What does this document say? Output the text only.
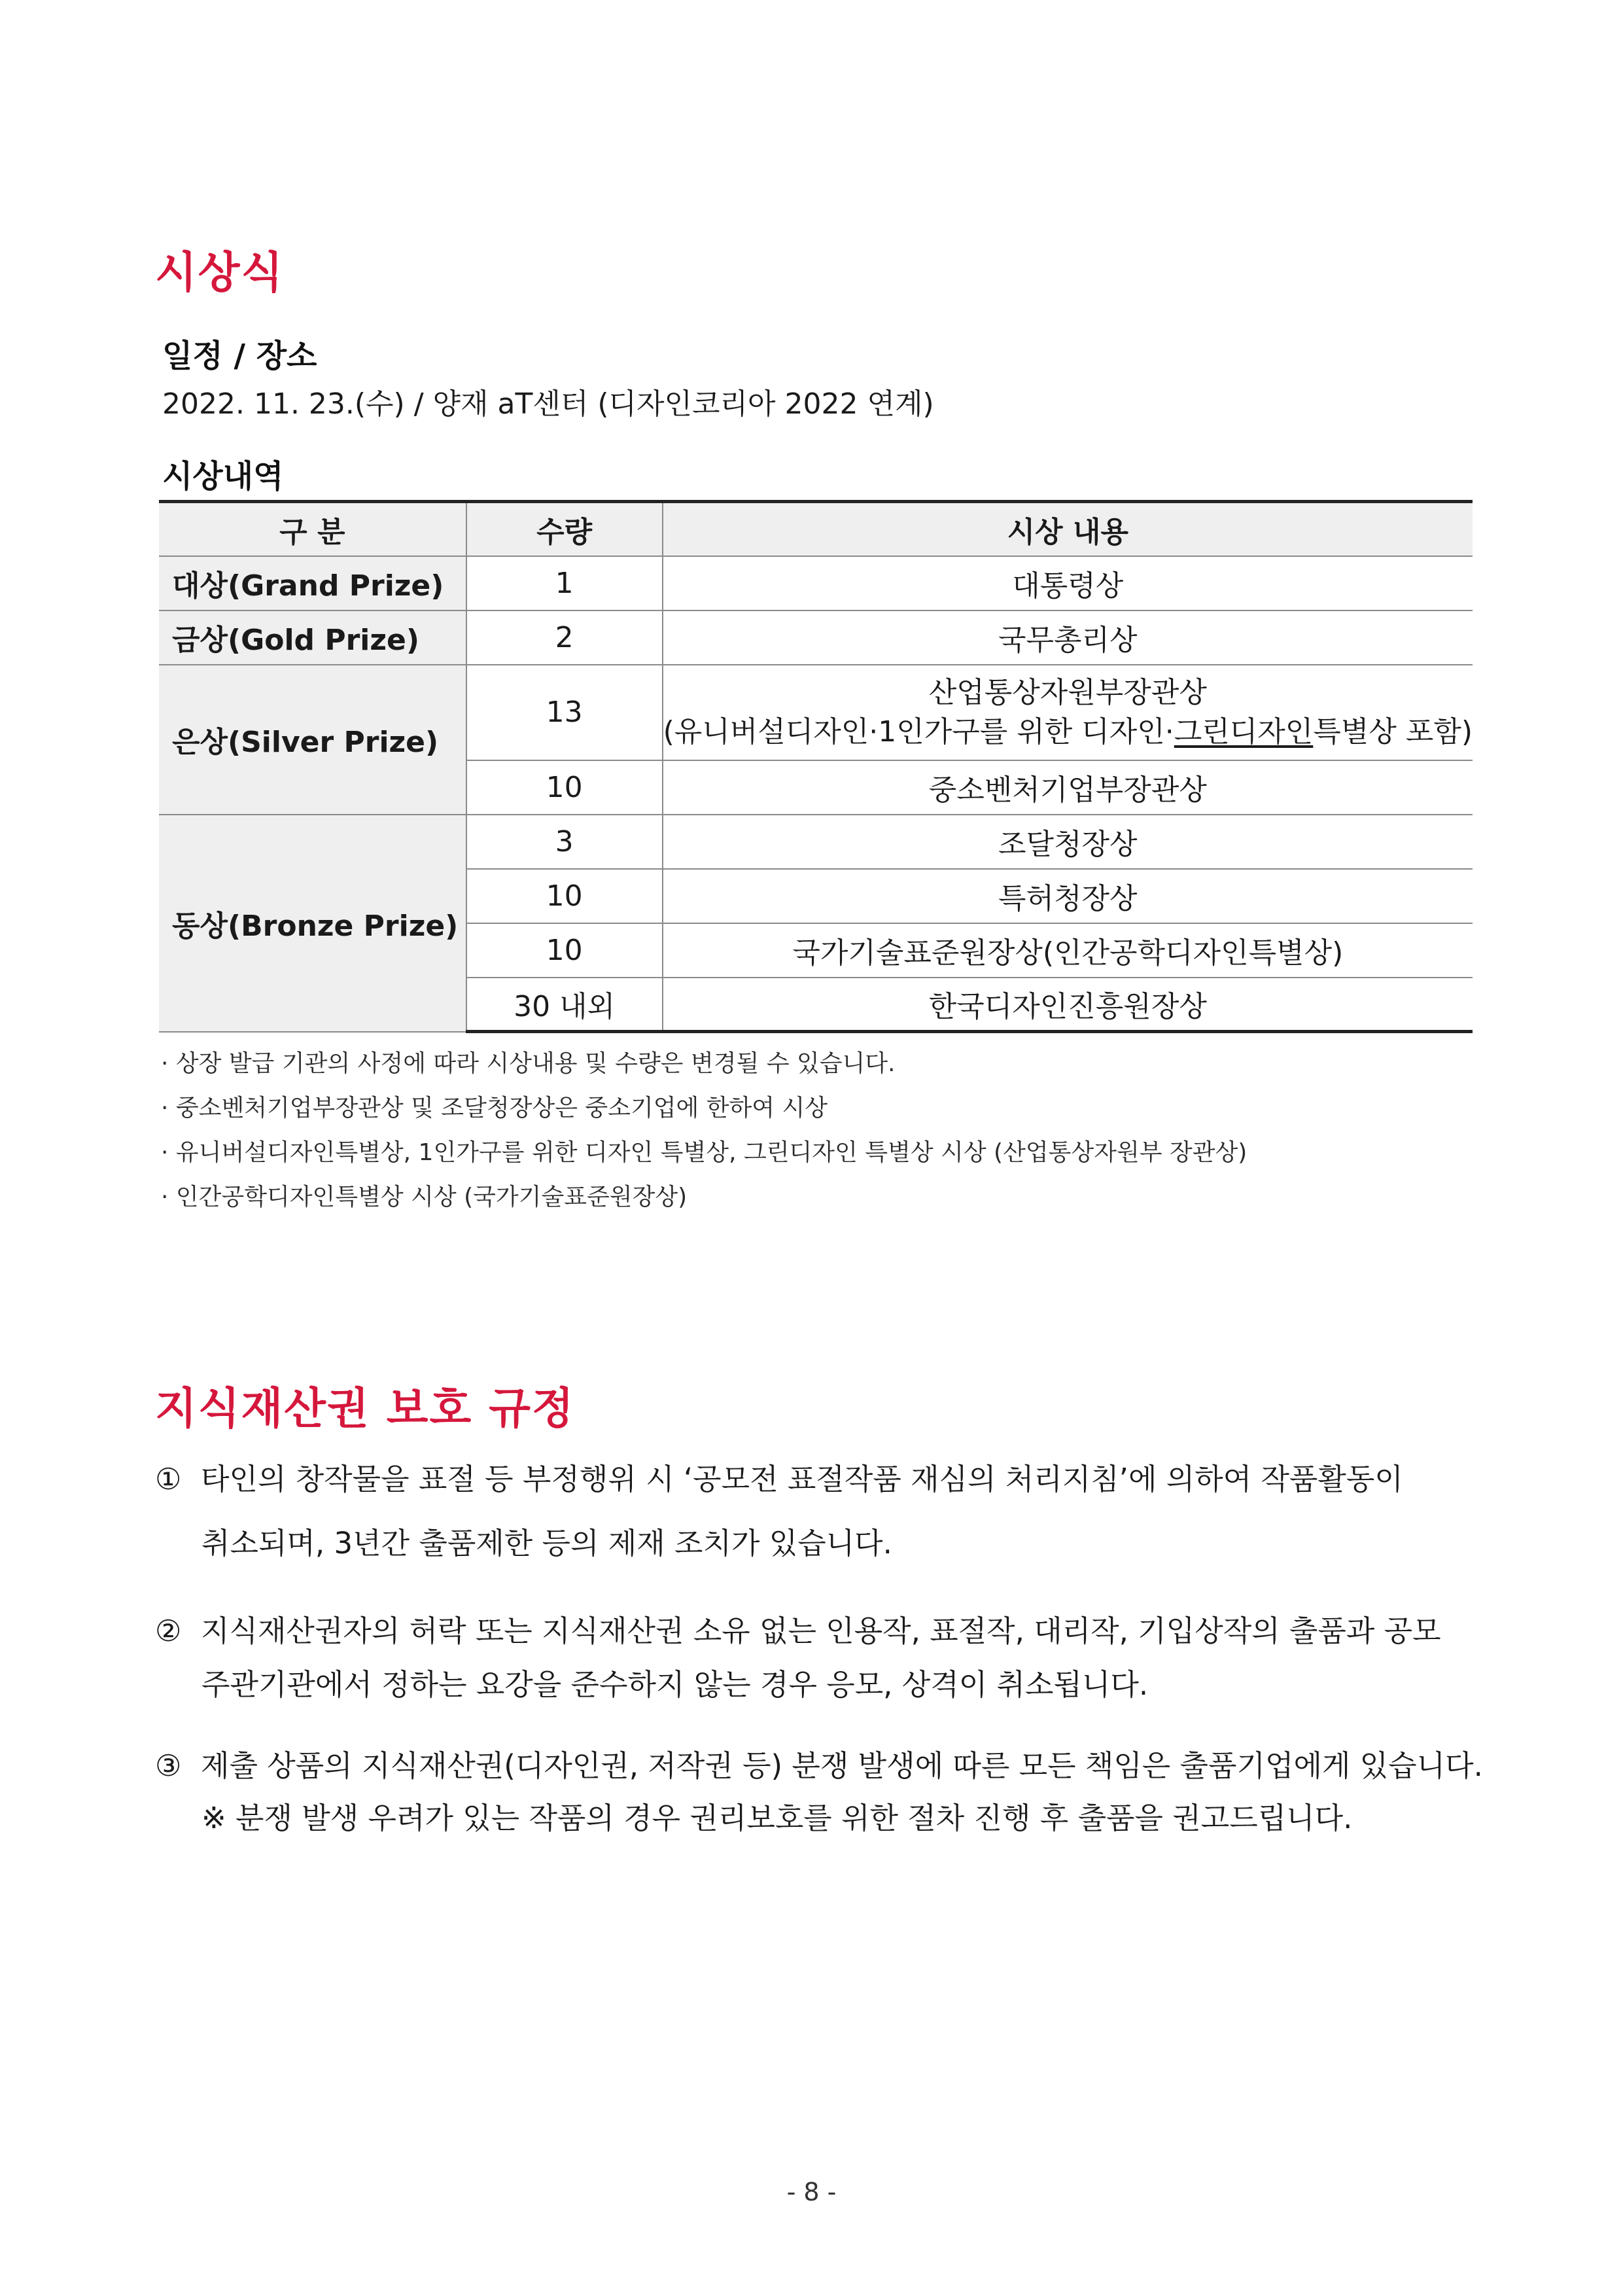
시상식
일정 / 장소
2022. 11. 23.(수) / 양재 aT센터 (디자인코리아 2022 연계)
시상내역
구 분	수량	시상 내용
대상(Grand Prize)	1	대통령상
금상(Gold Prize)	2	국무총리상
은상(Silver Prize)	13	산업통상자원부장관상
(유니버설디자인·1인가구를 위한 디자인·그린디자인특별상 포함)

	10	중소벤처기업부장관상
동상(Bronze Prize)	3	조달청장상
	10	특허청장상
	10	국가기술표준원장상(인간공학디자인특별상)
	30 내외	한국디자인진흥원장상
· 상장 발급 기관의 사정에 따라 시상내용 및 수량은 변경될 수 있습니다.
· 중소벤처기업부장관상 및 조달청장상은 중소기업에 한하여 시상
· 유니버설디자인특별상, 1인가구를 위한 디자인 특별상, 그린디자인 특별상 시상 (산업통상자원부 장관상)
· 인간공학디자인특별상 시상 (국가기술표준원장상)
지식재산권 보호 규정
① 타인의 창작물을 표절 등 부정행위 시 ‘공모전 표절작품 재심의 처리지침’에 의하여 작품활동이
취소되며, 3년간 출품제한 등의 제재 조치가 있습니다.
② 지식재산권자의 허락 또는 지식재산권 소유 없는 인용작, 표절작, 대리작, 기입상작의 출품과 공모
주관기관에서 정하는 요강을 준수하지 않는 경우 응모, 상격이 취소됩니다.
③ 제출 상품의 지식재산권(디자인권, 저작권 등) 분쟁 발생에 따른 모든 책임은 출품기업에게 있습니다.
※ 분쟁 발생 우려가 있는 작품의 경우 권리보호를 위한 절차 진행 후 출품을 권고드립니다.
- 8 -
